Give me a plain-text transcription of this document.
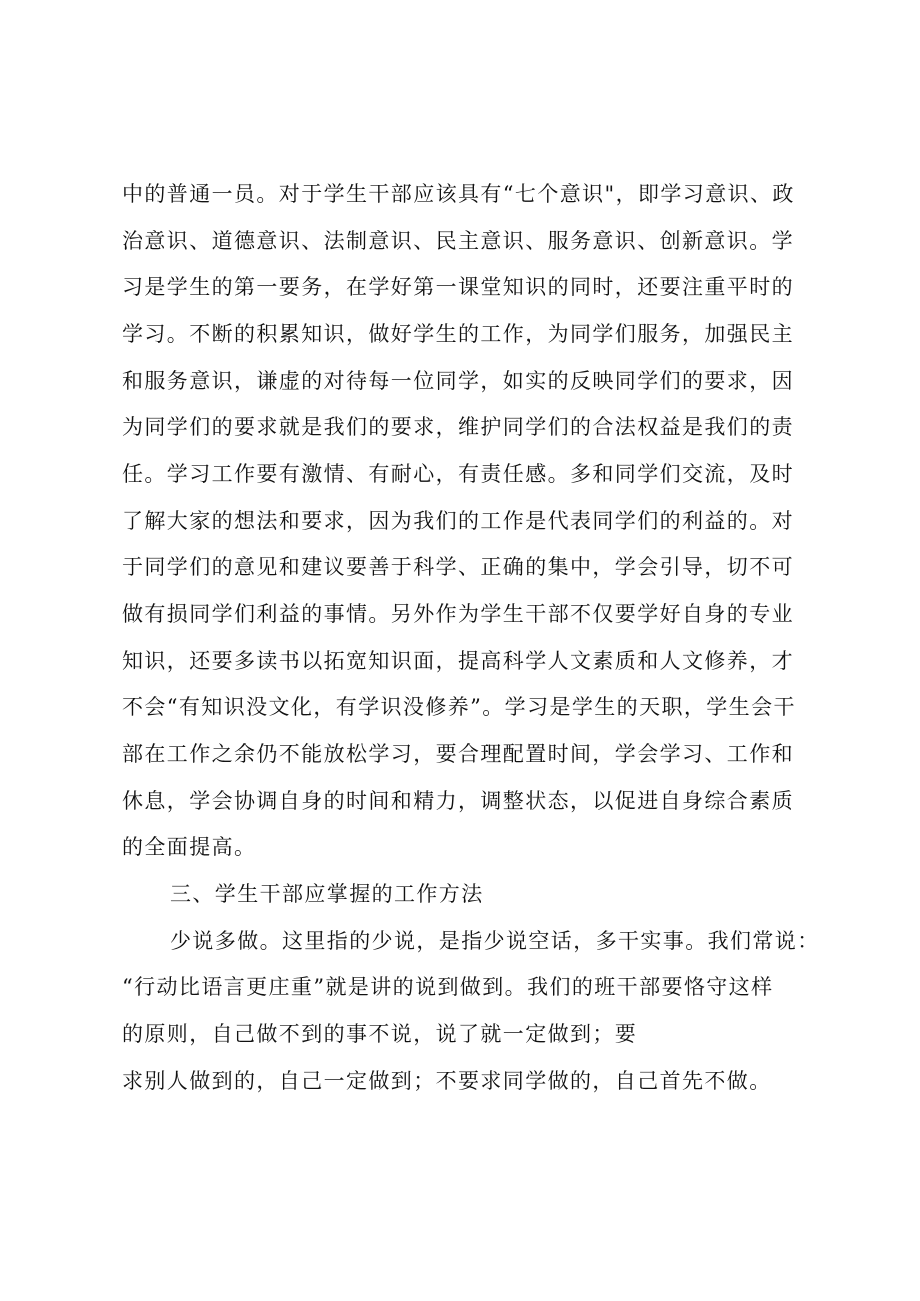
中的普通一员。对于学生干部应该具有“七个意识"，即学习意识、政
治意识、道德意识、法制意识、民主意识、服务意识、创新意识。学
习是学生的第一要务，在学好第一课堂知识的同时，还要注重平时的
学习。不断的积累知识，做好学生的工作，为同学们服务，加强民主
和服务意识，谦虚的对待每一位同学，如实的反映同学们的要求，因
为同学们的要求就是我们的要求，维护同学们的合法权益是我们的责
任。学习工作要有激情、有耐心，有责任感。多和同学们交流，及时
了解大家的想法和要求，因为我们的工作是代表同学们的利益的。对
于同学们的意见和建议要善于科学、正确的集中，学会引导，切不可
做有损同学们利益的事情。另外作为学生干部不仅要学好自身的专业
知识，还要多读书以拓宽知识面，提高科学人文素质和人文修养，才
不会“有知识没文化，有学识没修养”。学习是学生的天职，学生会干
部在工作之余仍不能放松学习，要合理配置时间，学会学习、工作和
休息，学会协调自身的时间和精力，调整状态，以促进自身综合素质
的全面提高。
三、学生干部应掌握的工作方法
少说多做。这里指的少说，是指少说空话，多干实事。我们常说：
“行动比语言更庄重”就是讲的说到做到。我们的班干部要恪守这样
的原则，自己做不到的事不说，说了就一定做到；要
求别人做到的，自己一定做到；不要求同学做的，自己首先不做。
